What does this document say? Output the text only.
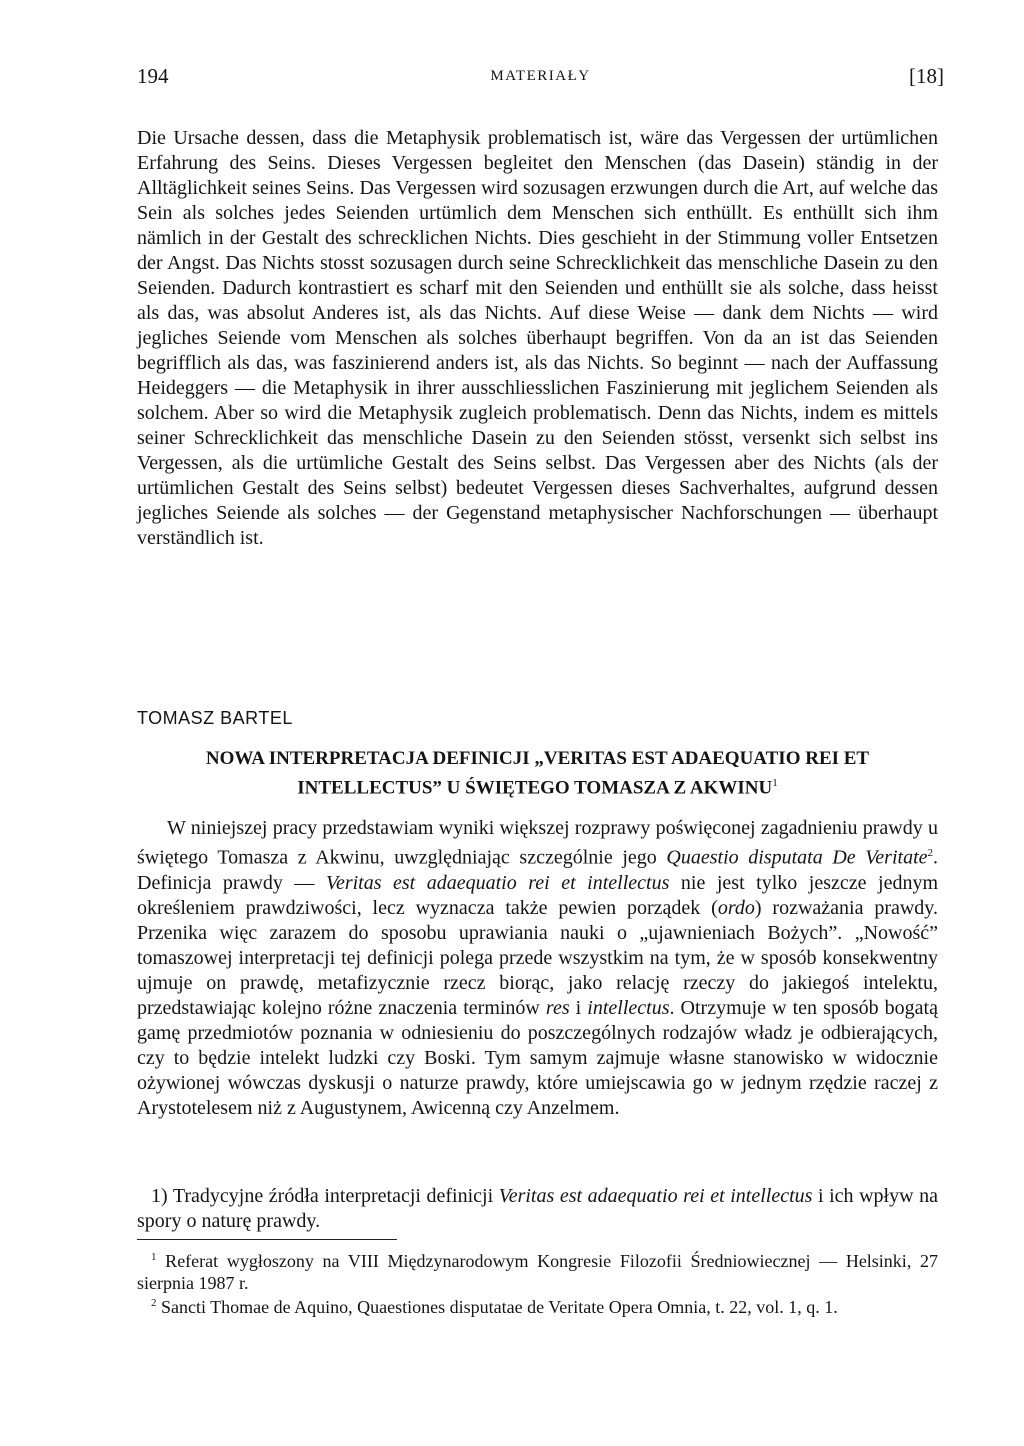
194	MATERIAŁY	[18]

Die Ursache dessen, dass die Metaphysik problematisch ist, wäre das Vergessen der urtümlichen Erfahrung des Seins. Dieses Vergessen begleitet den Menschen (das Dasein) ständig in der Alltäglichkeit seines Seins. Das Vergessen wird sozusagen erzwungen durch die Art, auf welche das Sein als solches jedes Seienden urtümlich dem Menschen sich enthüllt. Es enthüllt sich ihm nämlich in der Gestalt des schrecklichen Nichts. Dies geschieht in der Stimmung voller Entsetzen der Angst. Das Nichts stosst sozusagen durch seine Schrecklichkeit das menschliche Dasein zu den Seienden. Dadurch kontrastiert es scharf mit den Seienden und enthüllt sie als solche, dass heisst als das, was absolut Anderes ist, als das Nichts. Auf diese Weise — dank dem Nichts — wird jegliches Seiende vom Menschen als solches überhaupt begriffen. Von da an ist das Seienden begrifflich als das, was faszinierend anders ist, als das Nichts. So beginnt — nach der Auffassung Heideggers — die Metaphysik in ihrer ausschliesslichen Faszinierung mit jeglichem Seienden als solchem. Aber so wird die Metaphysik zugleich problematisch. Denn das Nichts, indem es mittels seiner Schrecklichkeit das menschliche Dasein zu den Seienden stösst, versenkt sich selbst ins Vergessen, als die urtümliche Gestalt des Seins selbst. Das Vergessen aber des Nichts (als der urtümlichen Gestalt des Seins selbst) bedeutet Vergessen dieses Sachverhaltes, aufgrund dessen jegliches Seiende als solches — der Gegenstand metaphysischer Nachforschungen — überhaupt verständlich ist.

TOMASZ BARTEL
NOWA INTERPRETACJA DEFINICJI „VERITAS EST ADAEQUATIO REI ET INTELLECTUS” U ŚWIĘTEGO TOMASZA Z AKWINU$^1$

W niniejszej pracy przedstawiam wyniki większej rozprawy poświęconej zagadnieniu prawdy u świętego Tomasza z Akwinu, uwzględniając szczególnie jego Quaestio disputata De Veritate$^2$. Definicja prawdy — Veritas est adaequatio rei et intellectus nie jest tylko jeszcze jednym określeniem prawdziwości, lecz wyznacza także pewien porządek (ordo) rozważania prawdy. Przenika więc zarazem do sposobu uprawiania nauki o „ujawnieniach Bożych”. „Nowość” tomaszowej interpretacji tej definicji polega przede wszystkim na tym, że w sposób konsekwentny ujmuje on prawdę, metafizycznie rzecz biorąc, jako relację rzeczy do jakiegoś intelektu, przedstawiając kolejno różne znaczenia terminów res i intellectus. Otrzymuje w ten sposób bogatą gamę przedmiotów poznania w odniesieniu do poszczególnych rodzajów władz je odbierających, czy to będzie intelekt ludzki czy Boski. Tym samym zajmuje własne stanowisko w widocznie ożywionej wówczas dyskusji o naturze prawdy, które umiejscawia go w jednym rzędzie raczej z Arystotelesem niż z Augustynem, Awicenną czy Anzelmem.

1) Tradycyjne źródła interpretacji definicji Veritas est adaequatio rei et intellectus i ich wpływ na spory o naturę prawdy.

$^1$ Referat wygłoszony na VIII Międzynarodowym Kongresie Filozofii Średniowiecznej — Helsinki, 27 sierpnia 1987 r.
$^2$ Sancti Thomae de Aquino, Quaestiones disputatae de Veritate Opera Omnia, t. 22, vol. 1, q. 1.
